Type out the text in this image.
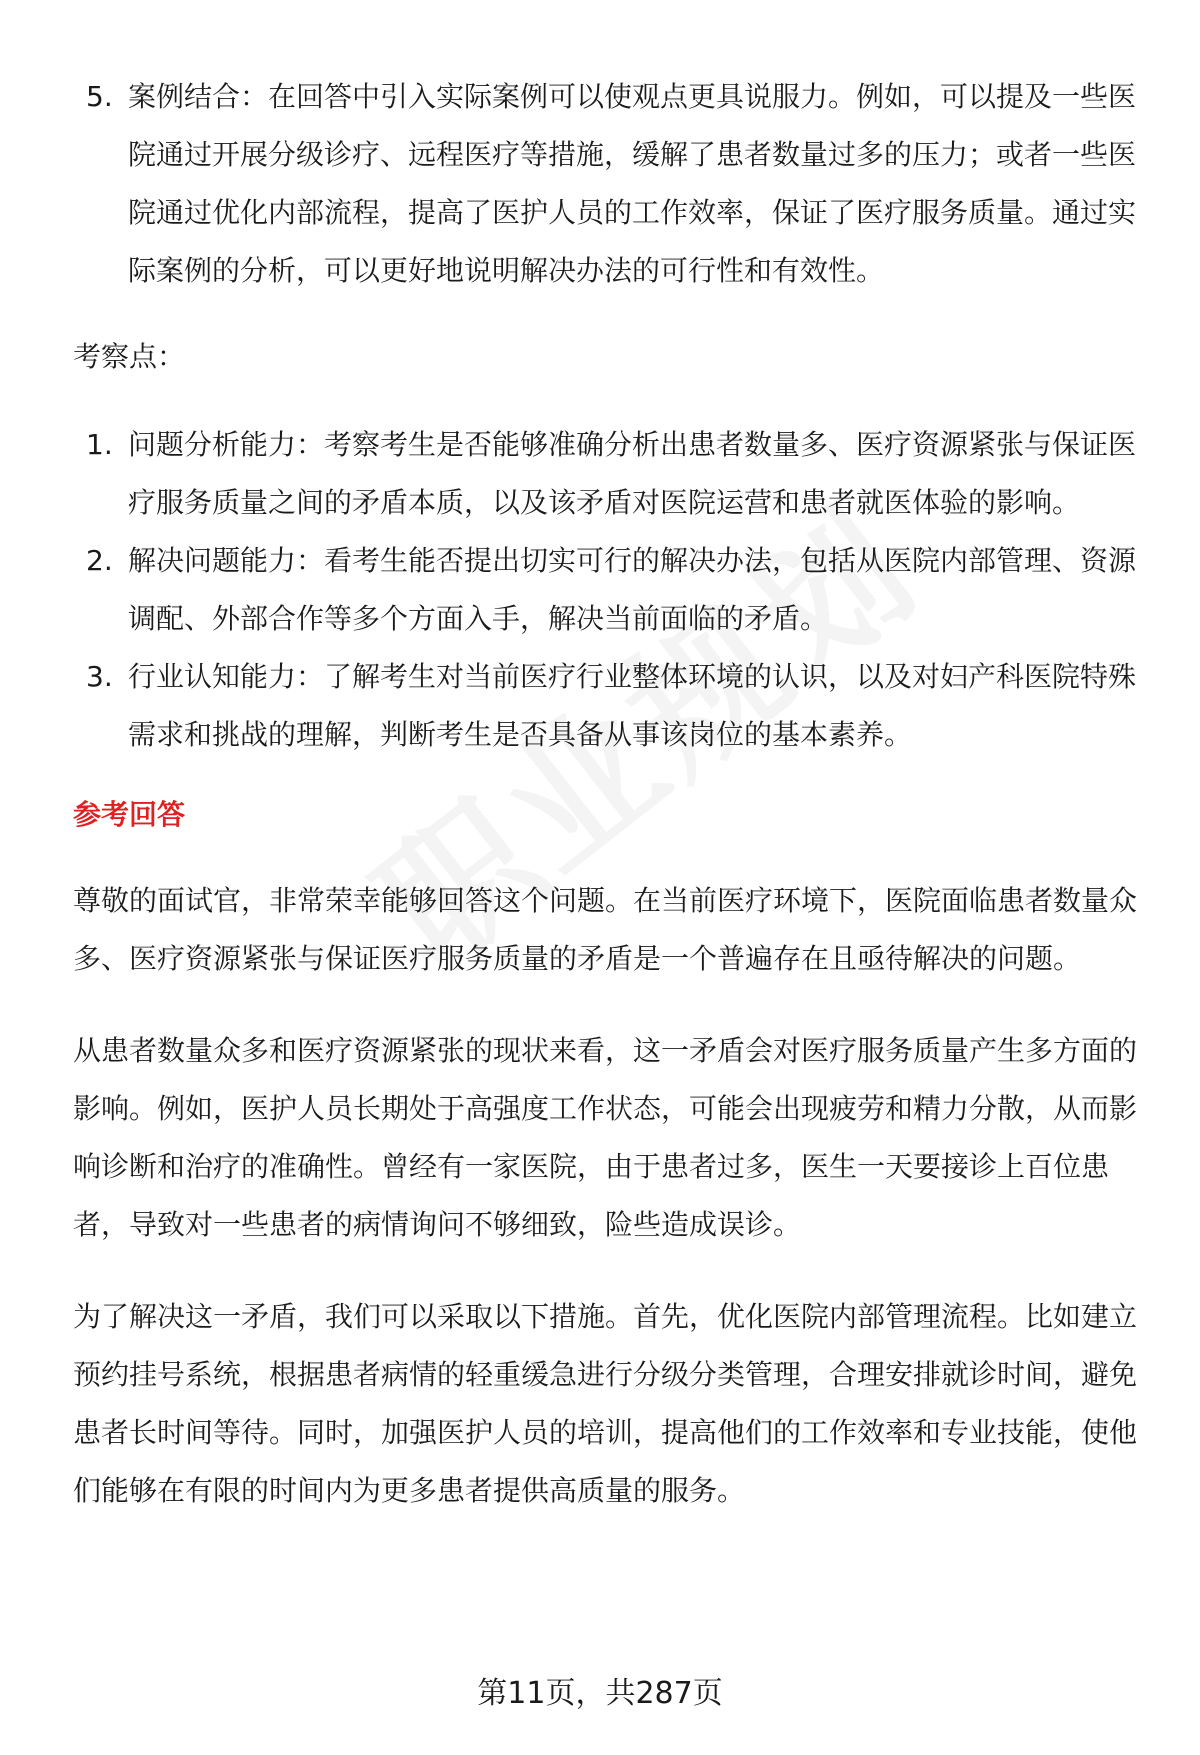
5. 案例结合：在回答中引入实际案例可以使观点更具说服力。例如，可以提及一些医院通过开展分级诊疗、远程医疗等措施，缓解了患者数量过多的压力；或者一些医院通过优化内部流程，提高了医护人员的工作效率，保证了医疗服务质量。通过实际案例的分析，可以更好地说明解决办法的可行性和有效性。
考察点：
1. 问题分析能力：考察考生是否能够准确分析出患者数量多、医疗资源紧张与保证医疗服务质量之间的矛盾本质，以及该矛盾对医院运营和患者就医体验的影响。
2. 解决问题能力：看考生能否提出切实可行的解决办法，包括从医院内部管理、资源调配、外部合作等多个方面入手，解决当前面临的矛盾。
3. 行业认知能力：了解考生对当前医疗行业整体环境的认识，以及对妇产科医院特殊需求和挑战的理解，判断考生是否具备从事该岗位的基本素养。
参考回答

尊敬的面试官，非常荣幸能够回答这个问题。在当前医疗环境下，医院面临患者数量众多、医疗资源紧张与保证医疗服务质量的矛盾是一个普遍存在且亟待解决的问题。

从患者数量众多和医疗资源紧张的现状来看，这一矛盾会对医疗服务质量产生多方面的影响。例如，医护人员长期处于高强度工作状态，可能会出现疲劳和精力分散，从而影响诊断和治疗的准确性。曾经有一家医院，由于患者过多，医生一天要接诊上百位患者，导致对一些患者的病情询问不够细致，险些造成误诊。

为了解决这一矛盾，我们可以采取以下措施。首先，优化医院内部管理流程。比如建立预约挂号系统，根据患者病情的轻重缓急进行分级分类管理，合理安排就诊时间，避免患者长时间等待。同时，加强医护人员的培训，提高他们的工作效率和专业技能，使他们能够在有限的时间内为更多患者提供高质量的服务。

第11页，共287页
